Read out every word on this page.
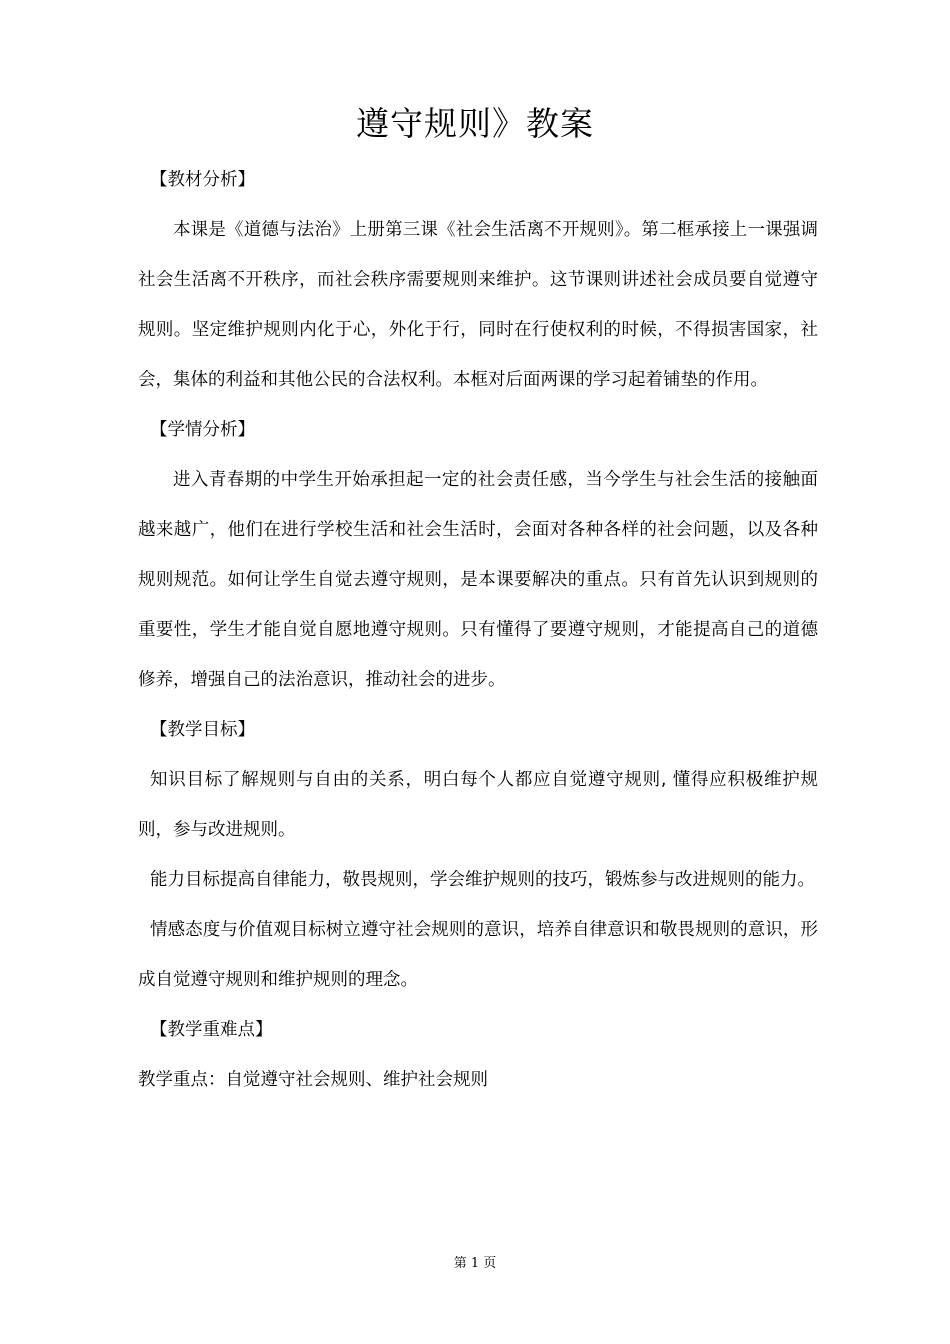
遵守规则》教案
【教材分析】

本课是《道德与法治》上册第三课《社会生活离不开规则》。第二框承接上一课强调社会生活离不开秩序，而社会秩序需要规则来维护。这节课则讲述社会成员要自觉遵守规则。坚定维护规则内化于心，外化于行，同时在行使权利的时候，不得损害国家，社会，集体的利益和其他公民的合法权利。本框对后面两课的学习起着铺垫的作用。

【学情分析】

进入青春期的中学生开始承担起一定的社会责任感，当今学生与社会生活的接触面越来越广，他们在进行学校生活和社会生活时，会面对各种各样的社会问题，以及各种规则规范。如何让学生自觉去遵守规则，是本课要解决的重点。只有首先认识到规则的重要性，学生才能自觉自愿地遵守规则。只有懂得了要遵守规则，才能提高自己的道德修养，增强自己的法治意识，推动社会的进步。

【教学目标】

知识目标了解规则与自由的关系，明白每个人都应自觉遵守规则, 懂得应积极维护规则，参与改进规则。

能力目标提高自律能力，敬畏规则，学会维护规则的技巧，锻炼参与改进规则的能力。

情感态度与价值观目标树立遵守社会规则的意识，培养自律意识和敬畏规则的意识，形成自觉遵守规则和维护规则的理念。

【教学重难点】

教学重点：自觉遵守社会规则、维护社会规则

第 1 页
